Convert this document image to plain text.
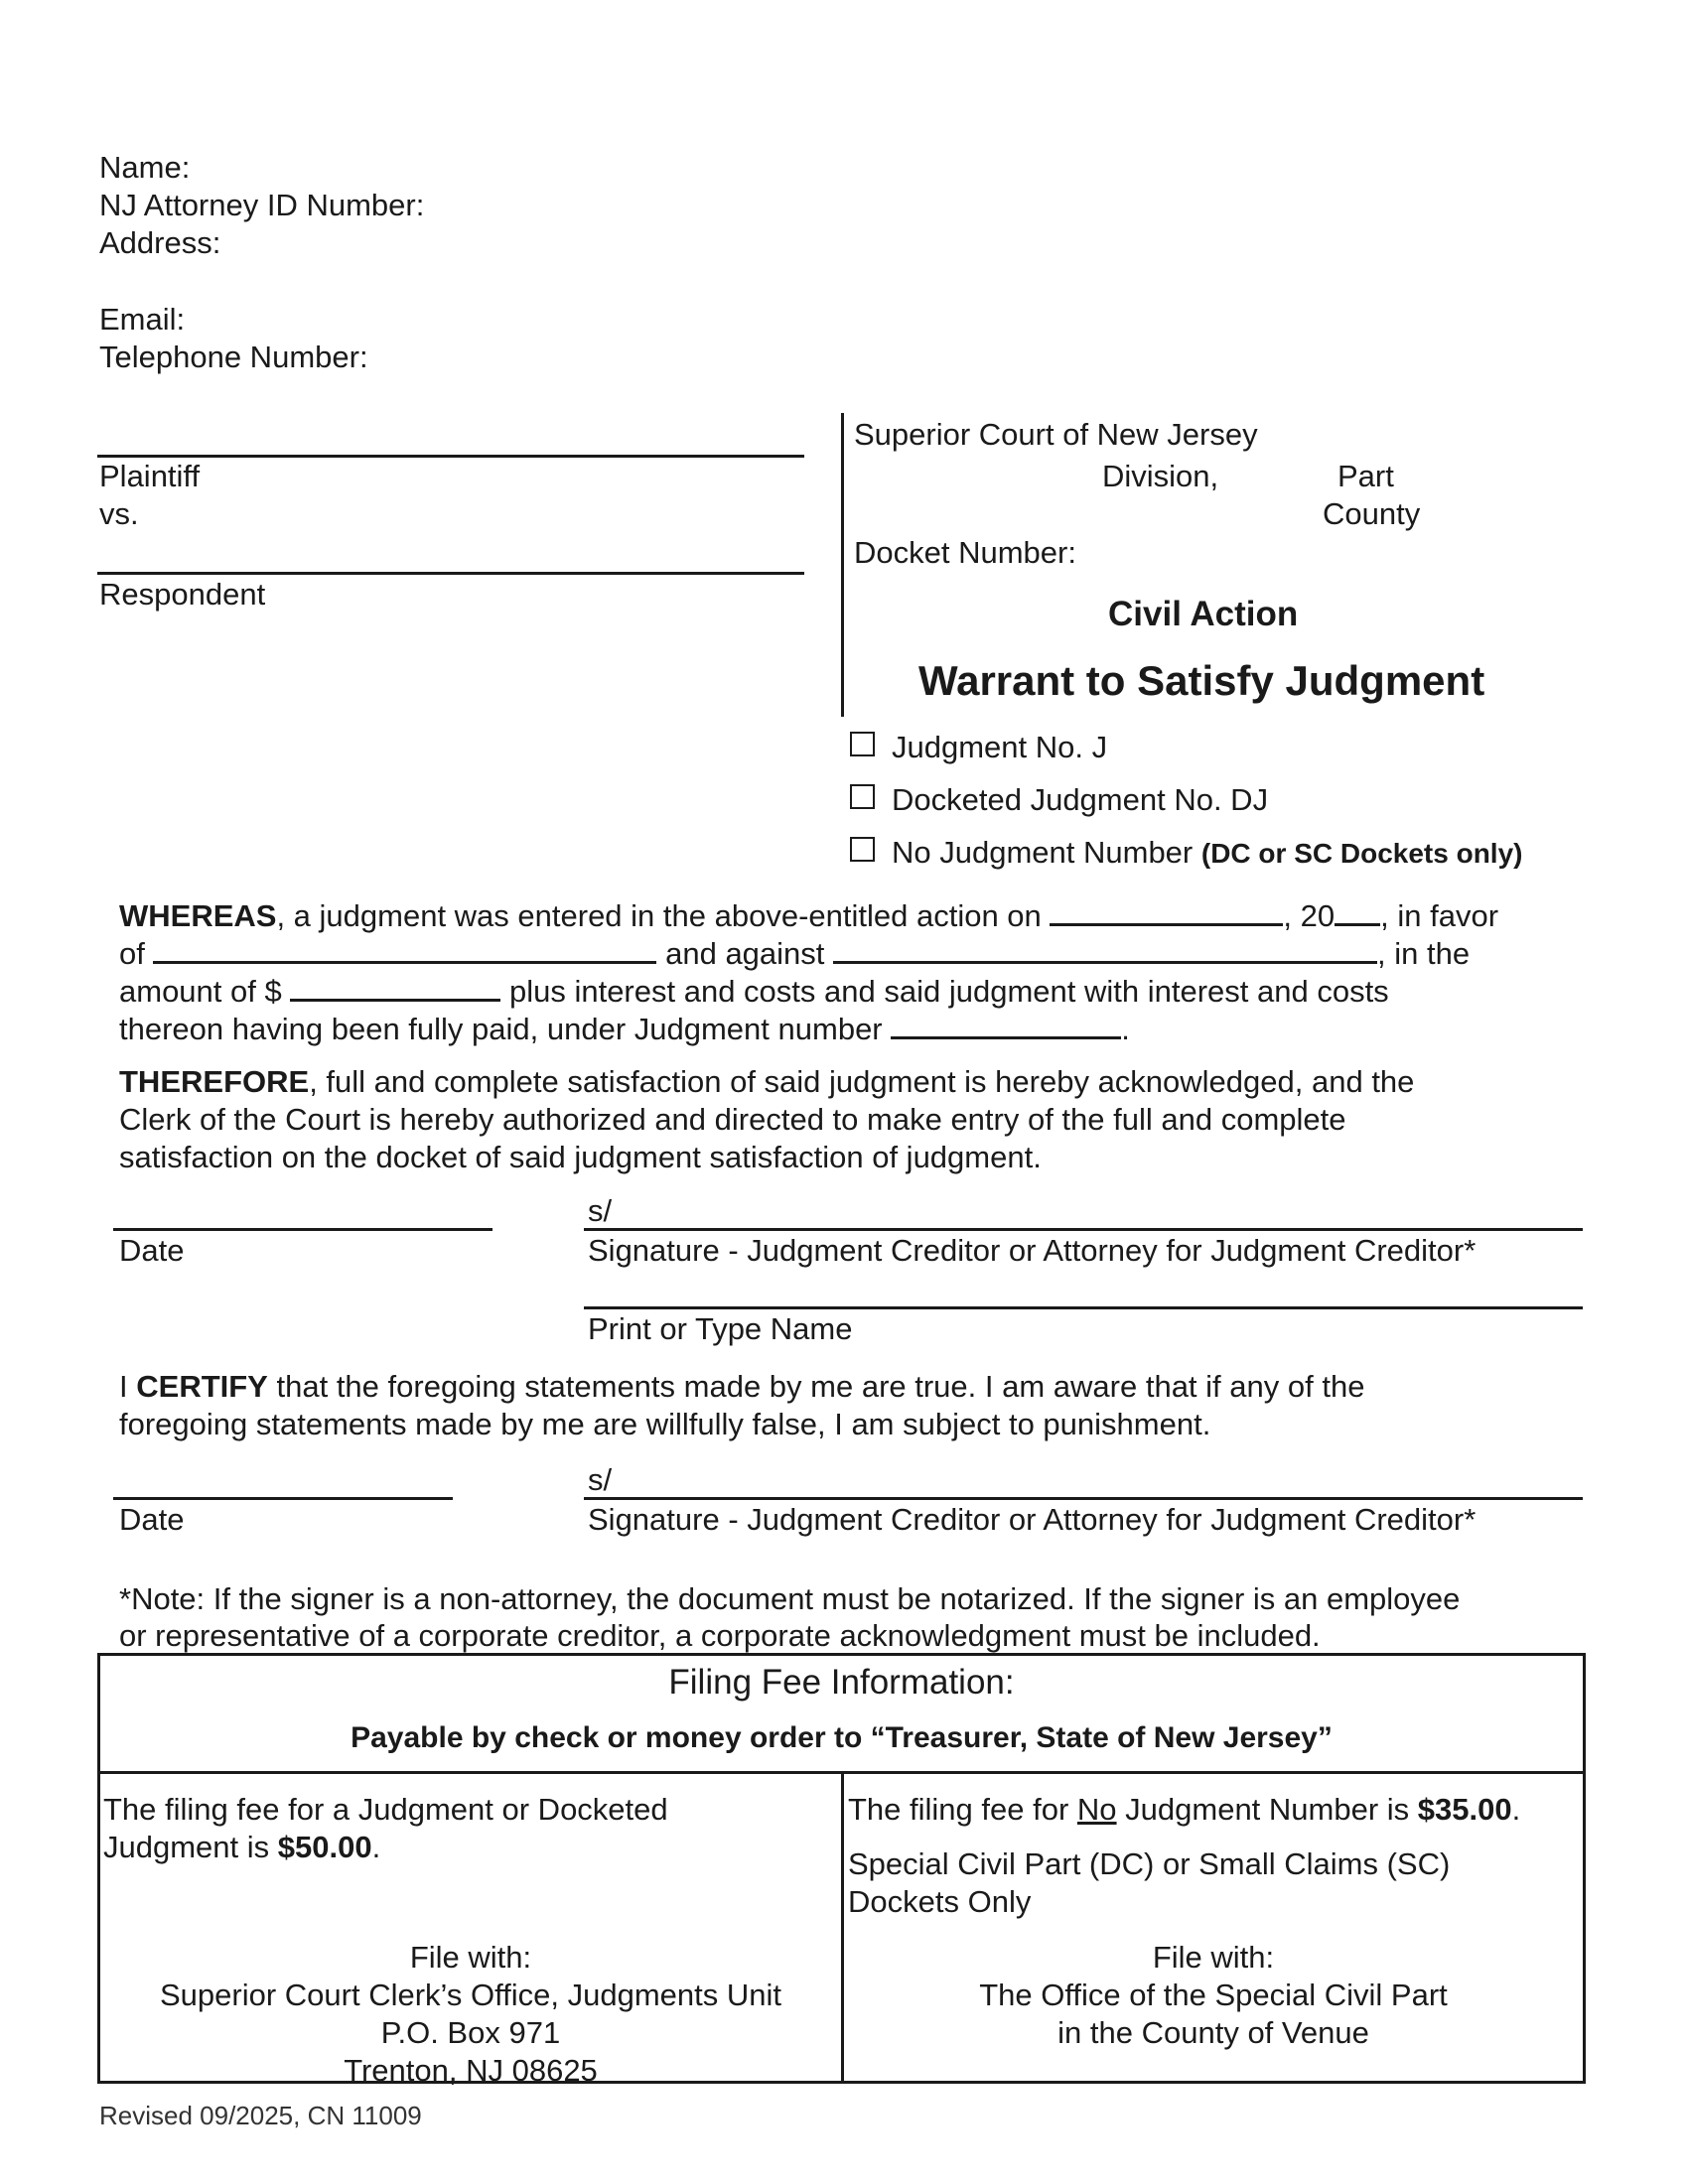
Name:
NJ Attorney ID Number:
Address:
Email:
Telephone Number:
Plaintiff
vs.
Respondent
Superior Court of New Jersey
Division,	Part
County
Docket Number:
Civil Action
Warrant to Satisfy Judgment
Judgment No. J
Docketed Judgment No. DJ
No Judgment Number (DC or SC Dockets only)
WHEREAS, a judgment was entered in the above-entitled action on	, 20 , in favor
of	and against	, in the
amount of $	plus interest and costs and said judgment with interest and costs
thereon having been fully paid, under Judgment number	.
THEREFORE, full and complete satisfaction of said judgment is hereby acknowledged, and the
Clerk of the Court is hereby authorized and directed to make entry of the full and complete
satisfaction on the docket of said judgment satisfaction of judgment.
s/
Date	Signature - Judgment Creditor or Attorney for Judgment Creditor*
Print or Type Name
I CERTIFY that the foregoing statements made by me are true. I am aware that if any of the
foregoing statements made by me are willfully false, I am subject to punishment.
s/
Date	Signature - Judgment Creditor or Attorney for Judgment Creditor*
*Note: If the signer is a non-attorney, the document must be notarized. If the signer is an employee
or representative of a corporate creditor, a corporate acknowledgment must be included.
Filing Fee Information:
Payable by check or money order to “Treasurer, State of New Jersey”
The filing fee for a Judgment or Docketed
Judgment is $50.00.
File with:
Superior Court Clerk’s Office, Judgments Unit
P.O. Box 971
Trenton, NJ 08625
The filing fee for No Judgment Number is $35.00.
Special Civil Part (DC) or Small Claims (SC)
Dockets Only
File with:
The Office of the Special Civil Part
in the County of Venue
Revised 09/2025, CN 11009
